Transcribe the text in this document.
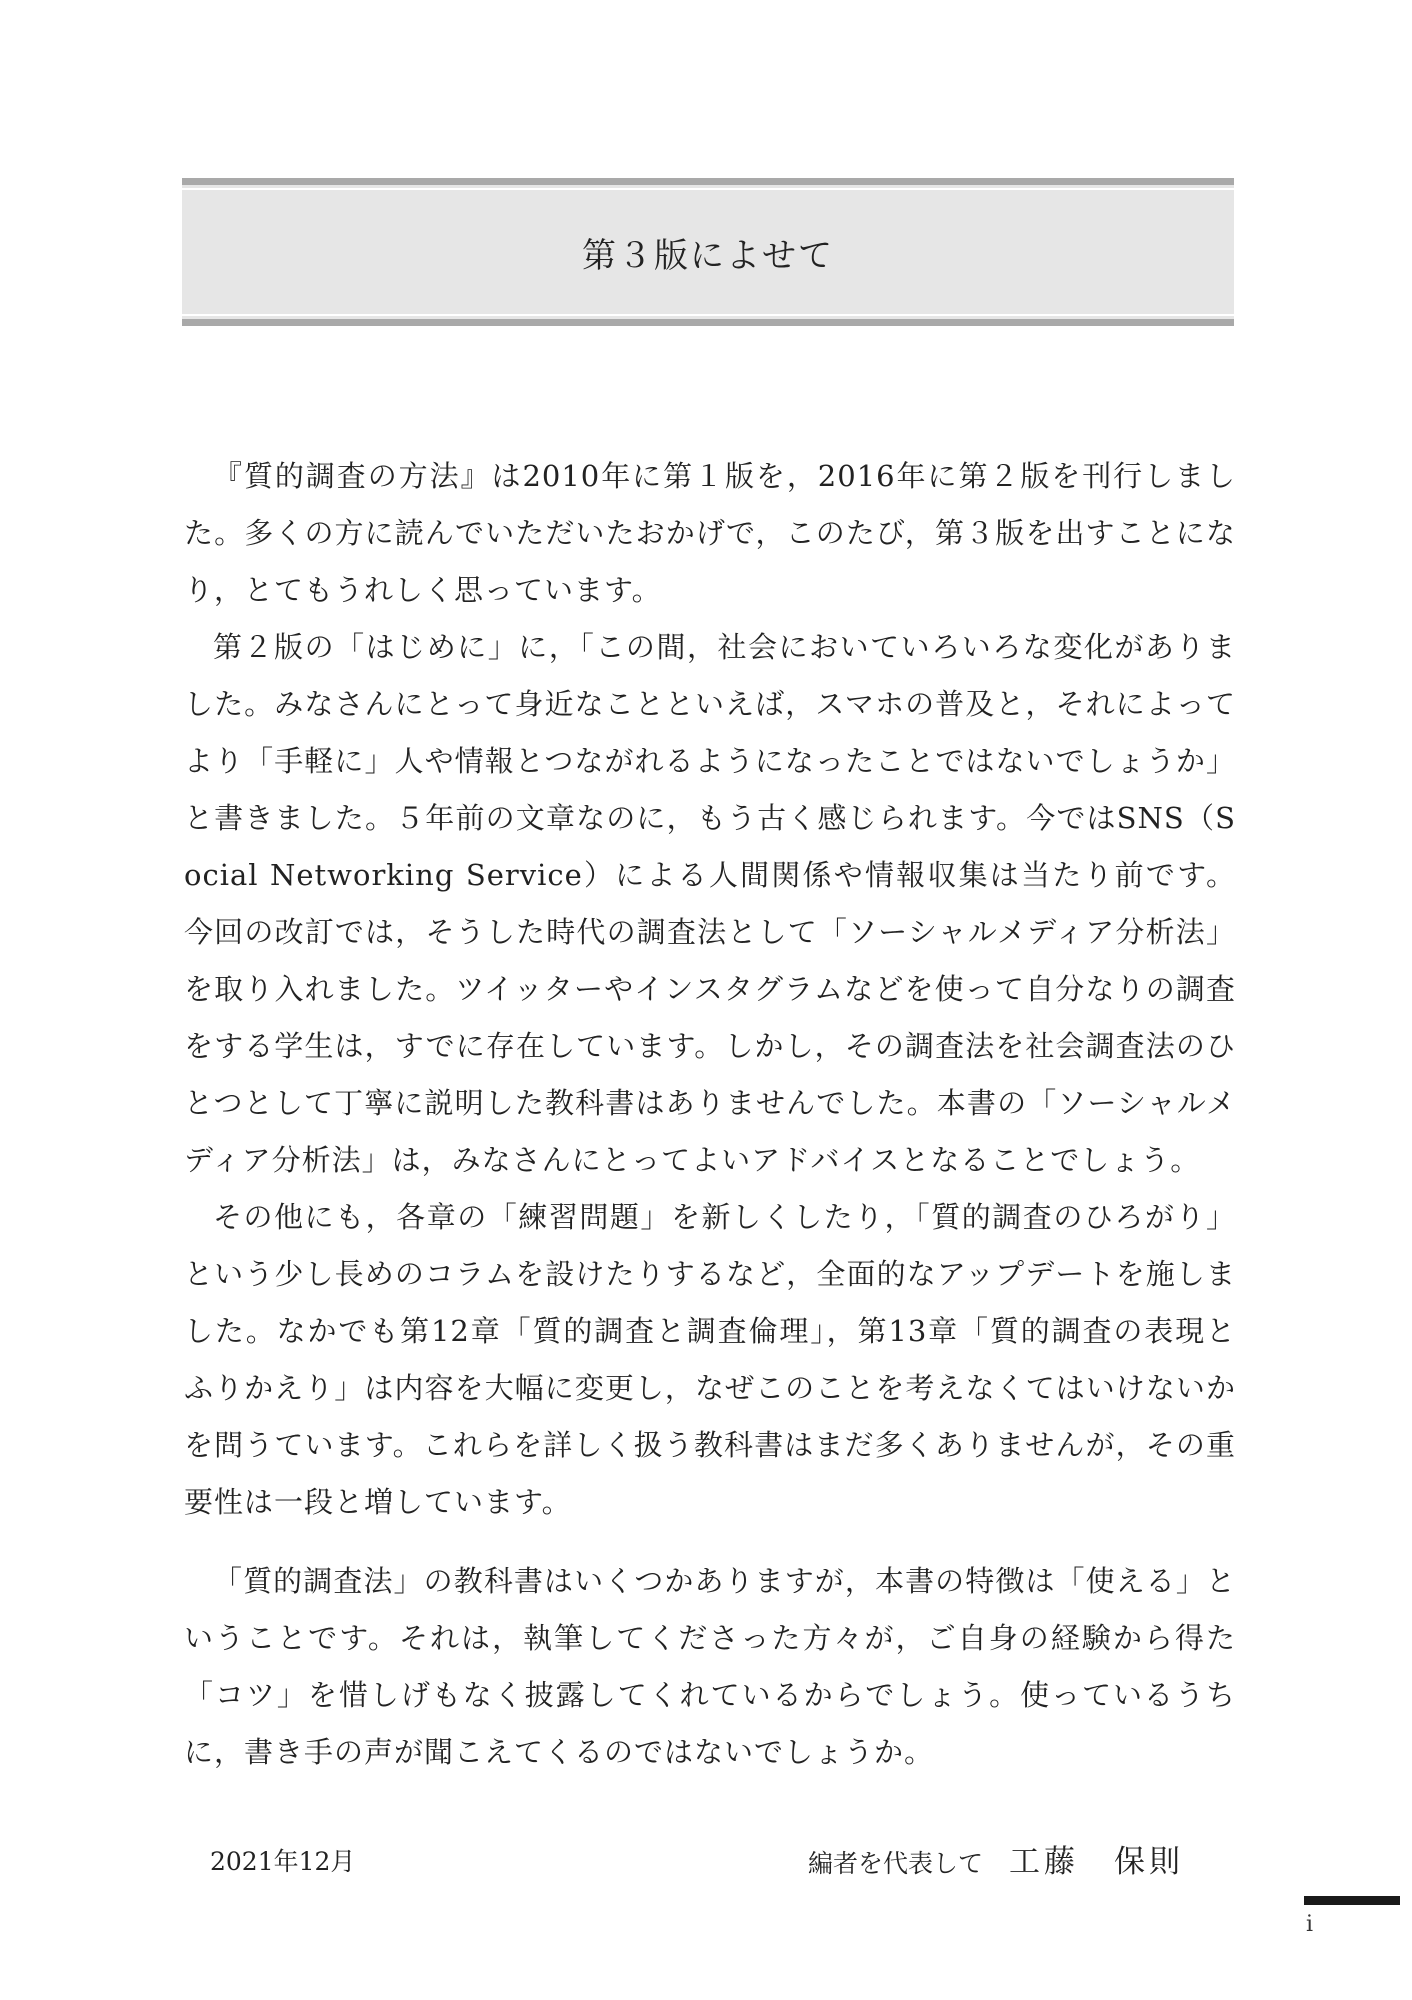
第３版によせて

『質的調査の方法』は2010年に第１版を，2016年に第２版を刊行しました。多くの方に読んでいただいたおかげで，このたび，第３版を出すことになり，とてもうれしく思っています。

第２版の「はじめに」に，「この間，社会においていろいろな変化がありました。みなさんにとって身近なことといえば，スマホの普及と，それによってより「手軽に」人や情報とつながれるようになったことではないでしょうか」と書きました。５年前の文章なのに，もう古く感じられます。今ではSNS（Social Networking Service）による人間関係や情報収集は当たり前です。今回の改訂では，そうした時代の調査法として「ソーシャルメディア分析法」を取り入れました。ツイッターやインスタグラムなどを使って自分なりの調査をする学生は，すでに存在しています。しかし，その調査法を社会調査法のひとつとして丁寧に説明した教科書はありませんでした。本書の「ソーシャルメディア分析法」は，みなさんにとってよいアドバイスとなることでしょう。

その他にも，各章の「練習問題」を新しくしたり，「質的調査のひろがり」という少し長めのコラムを設けたりするなど，全面的なアップデートを施しました。なかでも第12章「質的調査と調査倫理」，第13章「質的調査の表現とふりかえり」は内容を大幅に変更し，なぜこのことを考えなくてはいけないかを問うています。これらを詳しく扱う教科書はまだ多くありませんが，その重要性は一段と増しています。

「質的調査法」の教科書はいくつかありますが，本書の特徴は「使える」ということです。それは，執筆してくださった方々が，ご自身の経験から得た「コツ」を惜しげもなく披露してくれているからでしょう。使っているうちに，書き手の声が聞こえてくるのではないでしょうか。

2021年12月	編者を代表して 工藤　保則
i
